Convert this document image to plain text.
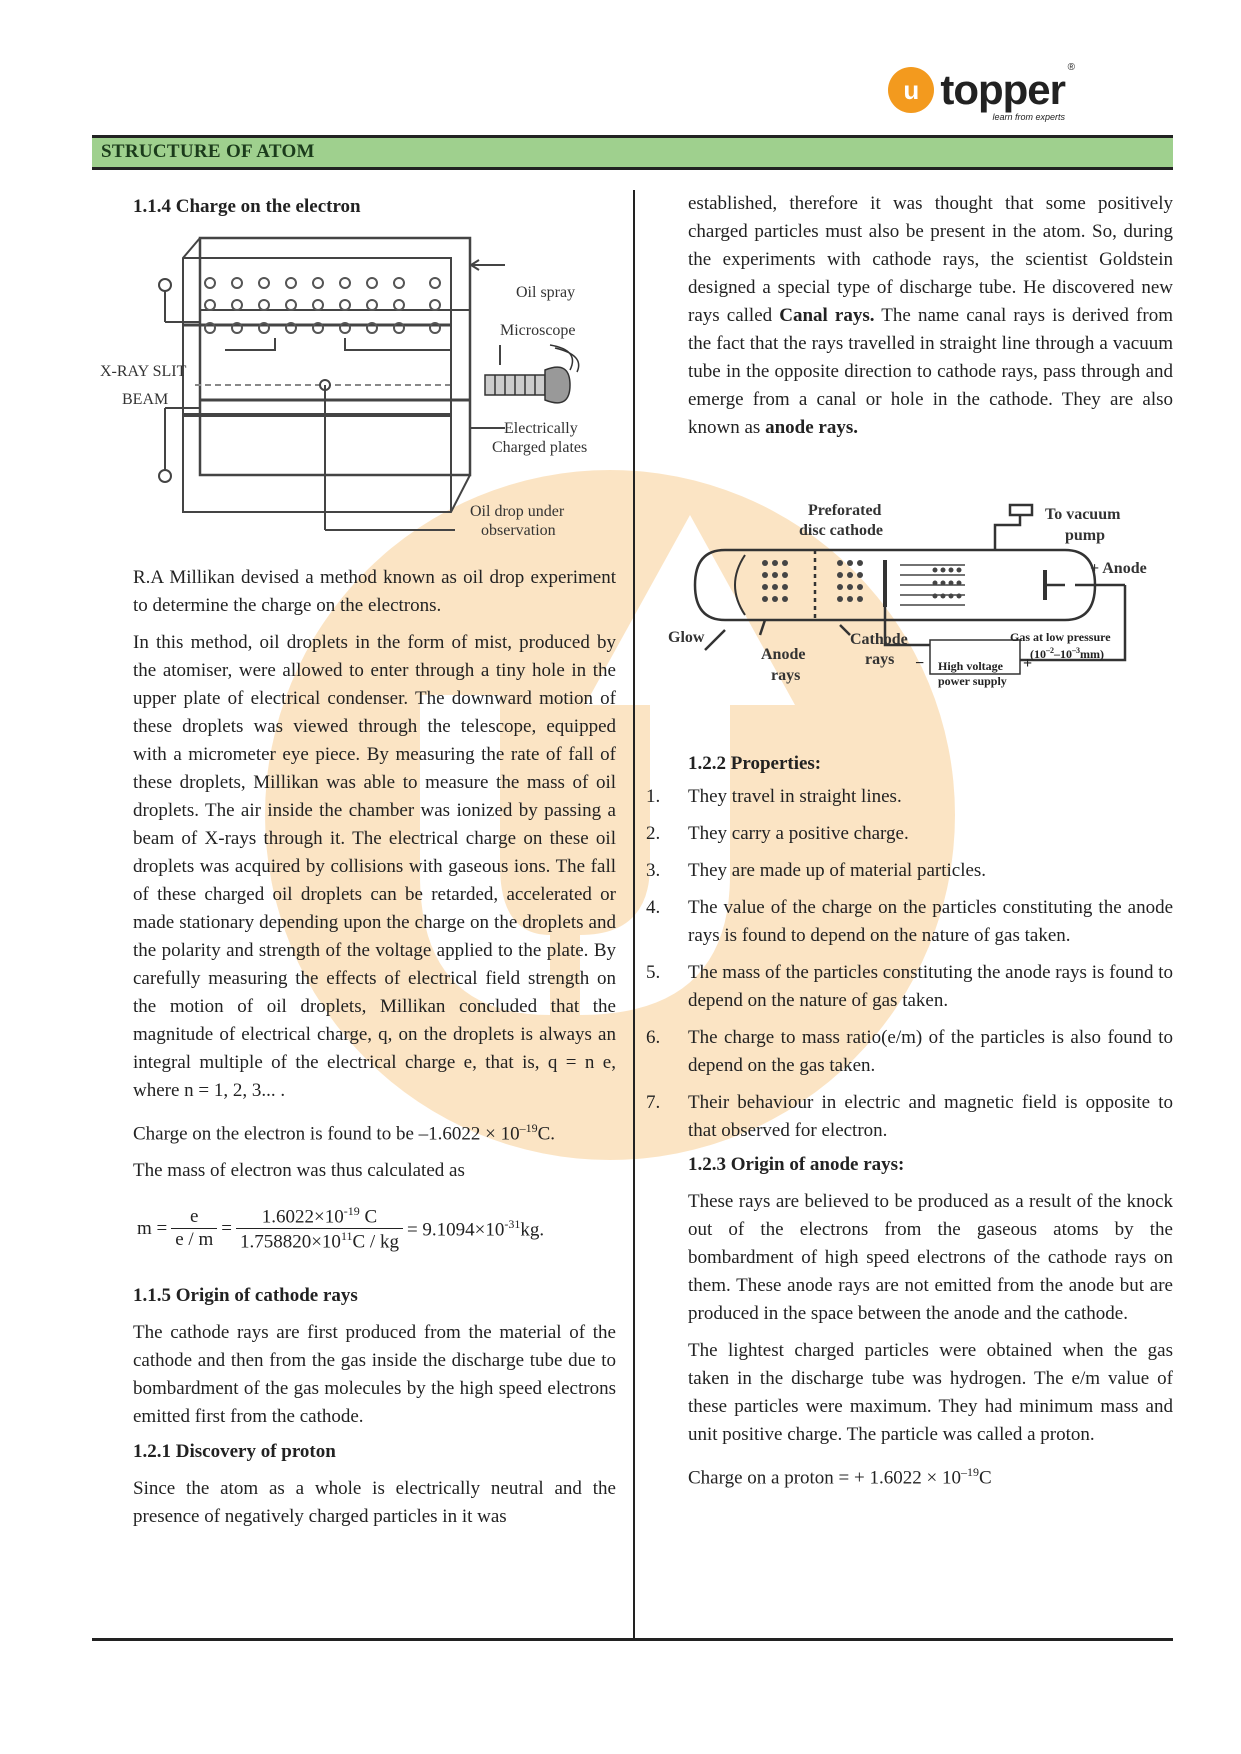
u topper ®
learn from experts
STRUCTURE OF ATOM
1.1.4 Charge on the electron
Oil spray
Microscope
X-RAY SLIT
BEAM
Electrically
Charged plates
Oil drop under
observation

R.A Millikan devised a method known as oil drop experiment to determine the charge on the electrons.

In this method, oil droplets in the form of mist, produced by the atomiser, were allowed to enter through a tiny hole in the upper plate of electrical condenser. The downward motion of these droplets was viewed through the telescope, equipped with a micrometer eye piece. By measuring the rate of fall of these droplets, Millikan was able to measure the mass of oil droplets. The air inside the chamber was ionized by passing a beam of X-rays through it. The electrical charge on these oil droplets was acquired by collisions with gaseous ions. The fall of these charged oil droplets can be retarded, accelerated or made stationary depending upon the charge on the droplets and the polarity and strength of the voltage applied to the plate. By carefully measuring the effects of electrical field strength on the motion of oil droplets, Millikan concluded that the magnitude of electrical charge, q, on the droplets is always an integral multiple of the electrical charge e, that is, q = n e, where n = 1, 2, 3... .

Charge on the electron is found to be $-1.6022 \times 10^{-19}C$.

The mass of electron was thus calculated as

$m = \frac{e}{e / m} = \frac{1.6022\times 10^{-19} C}{1.758820\times 10^{11}C / kg} = 9.1094\times 10^{-31}kg$.
1.1.5 Origin of cathode rays

The cathode rays are first produced from the material of the cathode and then from the gas inside the discharge tube due to bombardment of the gas molecules by the high speed electrons emitted first from the cathode.

1.2.1 Discovery of proton

Since the atom as a whole is electrically neutral and the presence of negatively charged particles in it was

established, therefore it was thought that some positively charged particles must also be present in the atom. So, during the experiments with cathode rays, the scientist Goldstein designed a special type of discharge tube. He discovered new rays called Canal rays. The name canal rays is derived from the fact that the rays travelled in straight line through a vacuum tube in the opposite direction to cathode rays, pass through and emerge from a canal or hole in the cathode. They are also known as anode rays.

Preforated
disc cathode
To vacuum
pump
+ Anode
Glow
Anode
rays
Cathode
rays
Gas at low pressure
$(10^{-2}-10^{-3}mm)$
High voltage
power supply
−	+
1.2.2 Properties:
1.	They travel in straight lines.
2.	They carry a positive charge.
3.	They are made up of material particles.
4.	The value of the charge on the particles constituting the anode rays is found to depend on the nature of gas taken.
5.	The mass of the particles constituting the anode rays is found to depend on the nature of gas taken.
6.	The charge to mass ratio(e/m) of the particles is also found to depend on the gas taken.
7.	Their behaviour in electric and magnetic field is opposite to that observed for electron.
1.2.3 Origin of anode rays:

These rays are believed to be produced as a result of the knock out of the electrons from the gaseous atoms by the bombardment of high speed electrons of the cathode rays on them. These anode rays are not emitted from the anode but are produced in the space between the anode and the cathode.

The lightest charged particles were obtained when the gas taken in the discharge tube was hydrogen. The e/m value of these particles were maximum. They had minimum mass and unit positive charge. The particle was called a proton.

Charge on a proton = + $1.6022 \times 10^{-19}C$
